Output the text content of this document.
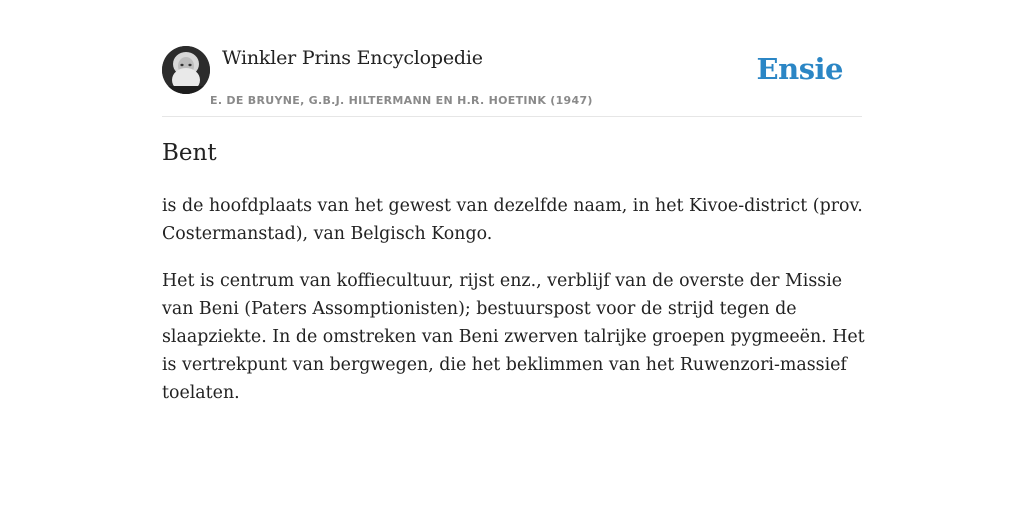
Winkler Prins Encyclopedie
E. DE BRUYNE, G.B.J. HILTERMANN EN H.R. HOETINK (1947)
Ensie
Bent

is de hoofdplaats van het gewest van dezelfde naam, in het Kivoe-district (prov. Costermanstad), van Belgisch Kongo.

Het is centrum van koffiecultuur, rijst enz., verblijf van de overste der Missie van Beni (Paters Assomptionisten); bestuurspost voor de strijd tegen de slaapziekte. In de omstreken van Beni zwerven talrijke groepen pygmeeën. Het is vertrekpunt van bergwegen, die het beklimmen van het Ruwenzori-massief toelaten.
